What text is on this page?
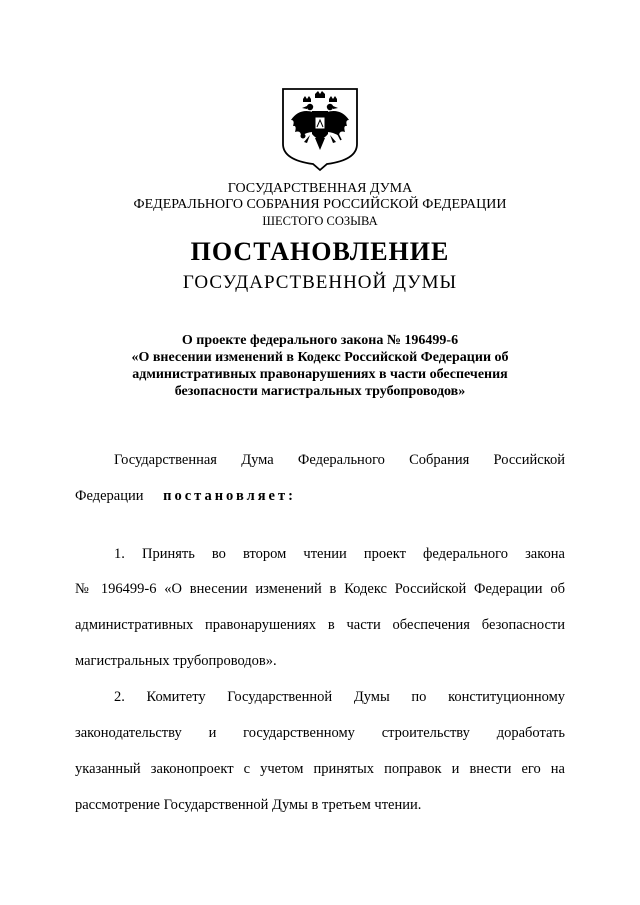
ГОСУДАРСТВЕННАЯ ДУМА
ФЕДЕРАЛЬНОГО СОБРАНИЯ РОССИЙСКОЙ ФЕДЕРАЦИИ
ШЕСТОГО СОЗЫВА
ПОСТАНОВЛЕНИЕ
ГОСУДАРСТВЕННОЙ ДУМЫ
О проекте федерального закона № 196499-6
«О внесении изменений в Кодекс Российской Федерации об
административных правонарушениях в части обеспечения
безопасности магистральных трубопроводов»
Государственная Дума Федерального Собрания Российской
Федерации постановляет:
1. Принять во втором чтении проект федерального закона
№ 196499-6 «О внесении изменений в Кодекс Российской Федерации об
административных правонарушениях в части обеспечения безопасности
магистральных трубопроводов».
2. Комитету Государственной Думы по конституционному
законодательству и государственному строительству доработать
указанный законопроект с учетом принятых поправок и внести его на
рассмотрение Государственной Думы в третьем чтении.
